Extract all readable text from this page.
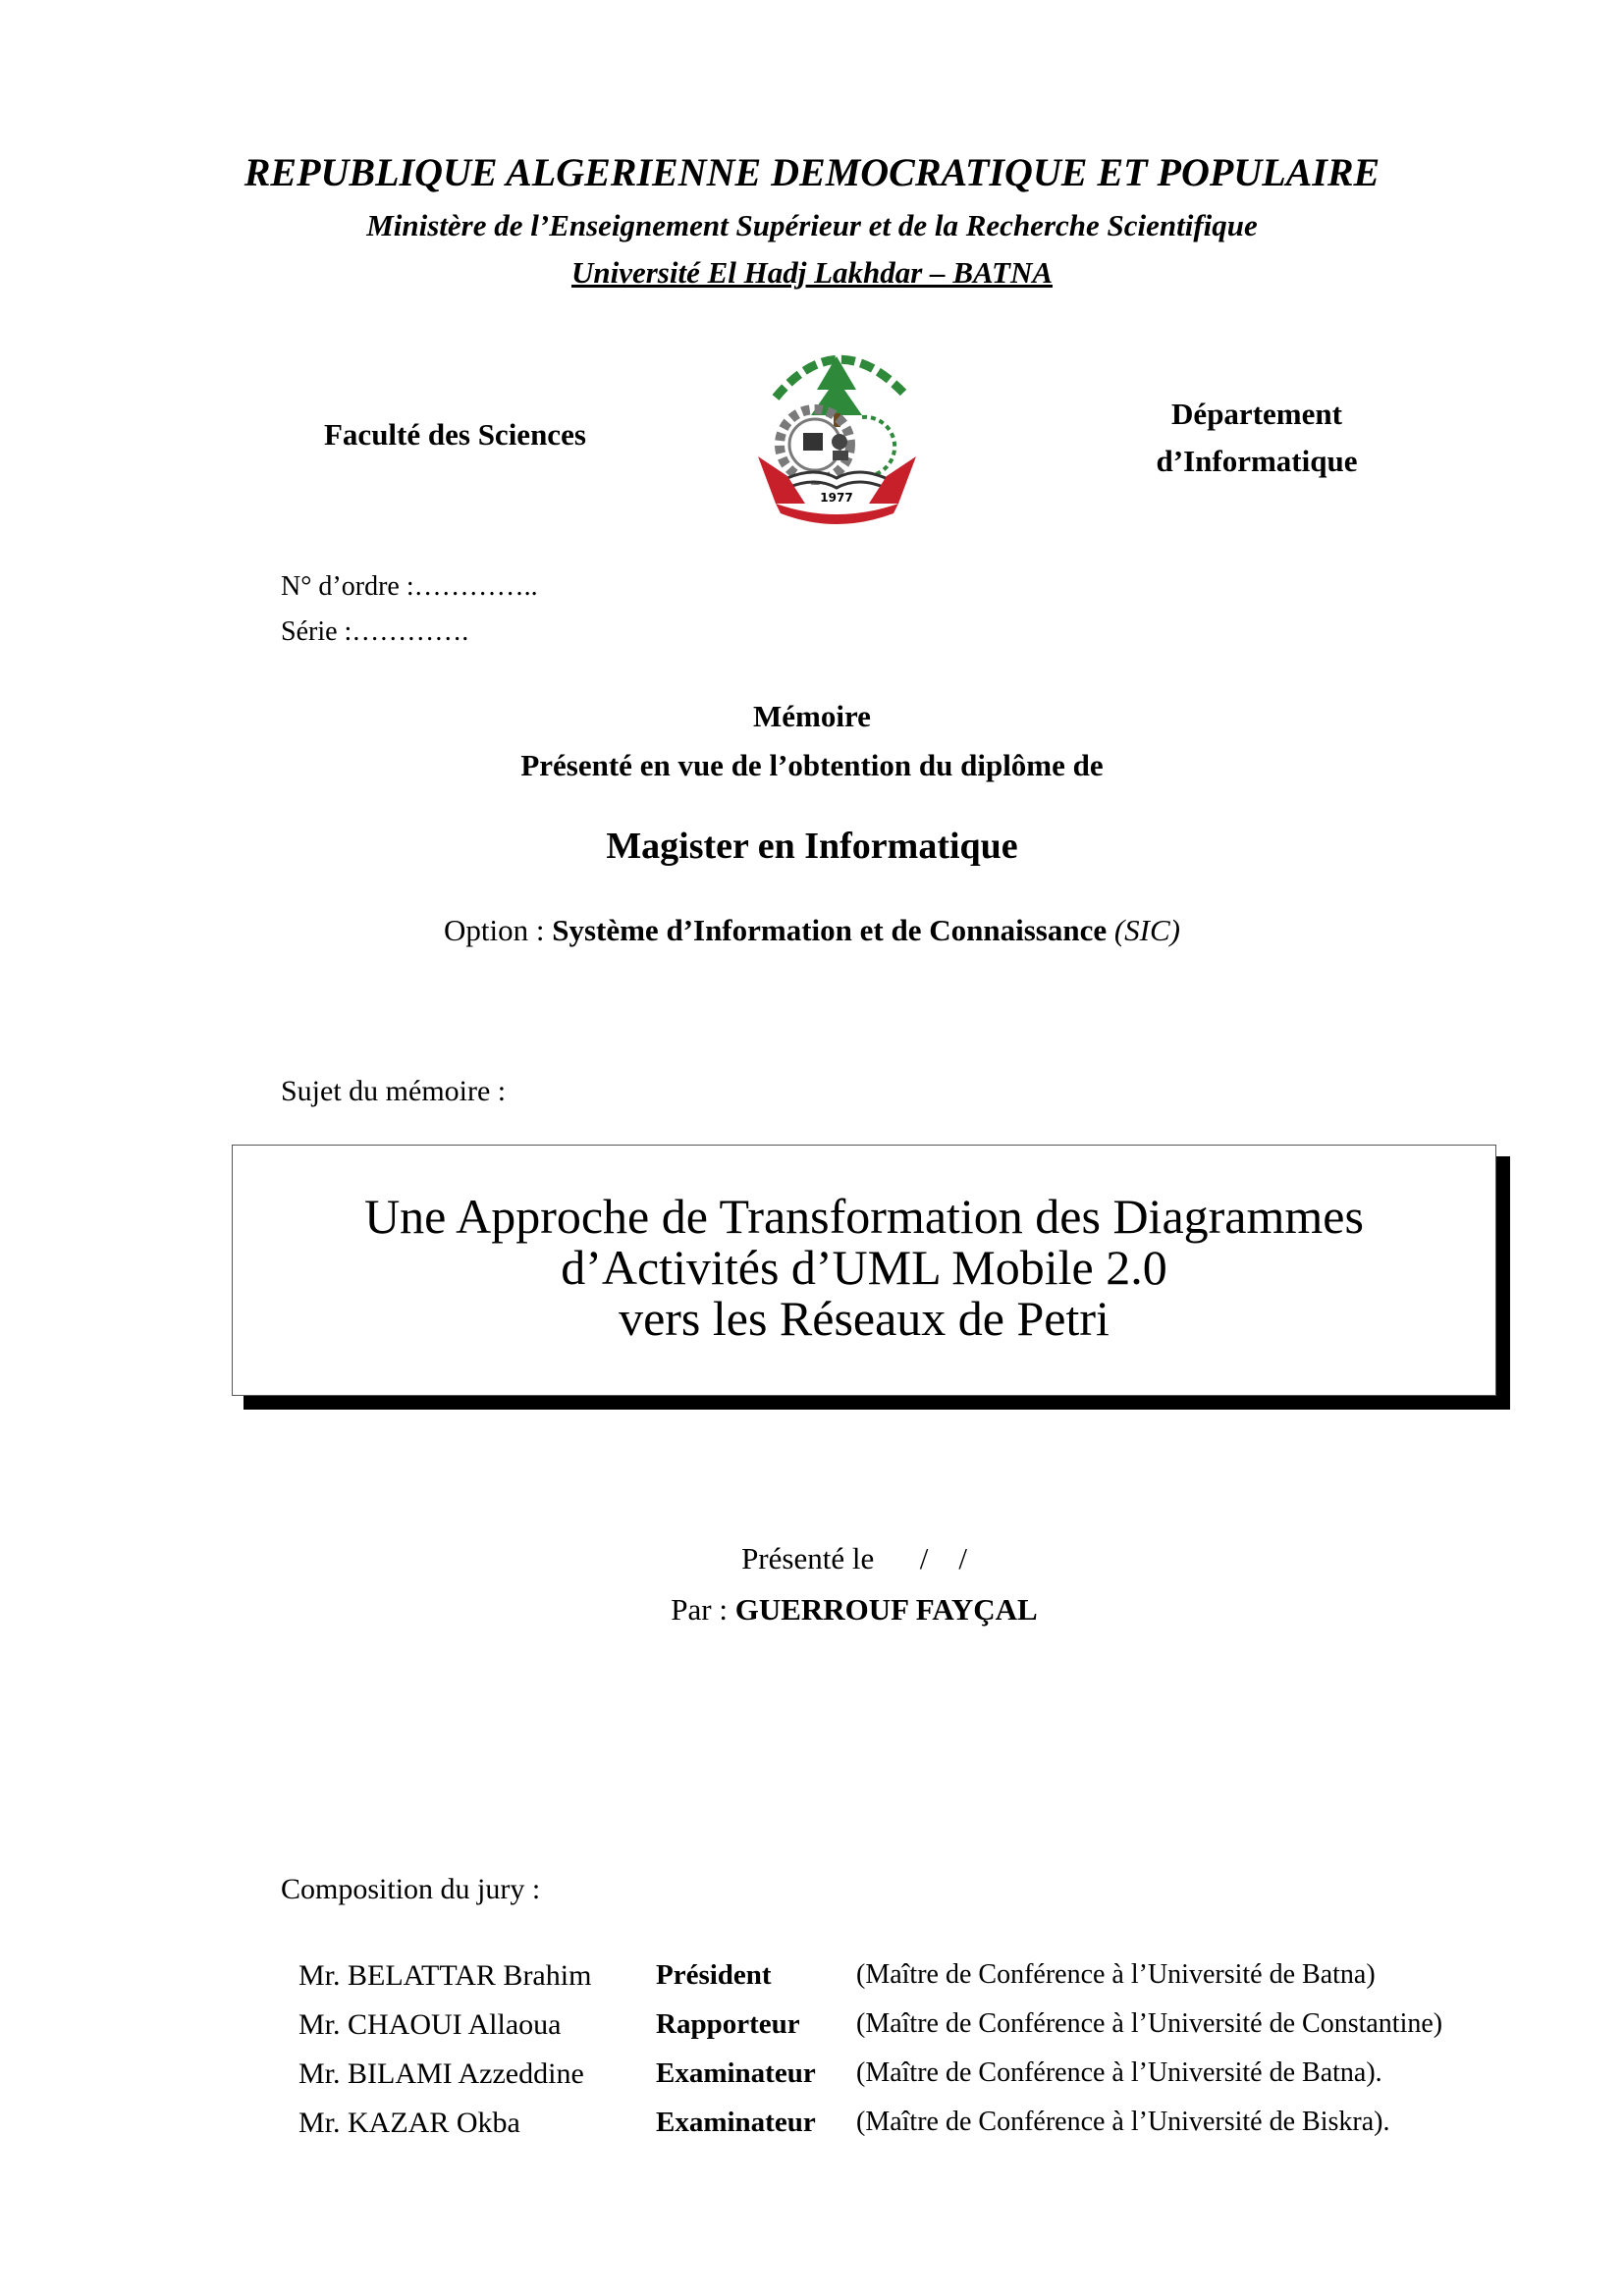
REPUBLIQUE ALGERIENNE DEMOCRATIQUE ET POPULAIRE
Ministère de l’Enseignement Supérieur et de la Recherche Scientifique
Université El Hadj Lakhdar – BATNA
Faculté des Sciences
1977
Département
d’Informatique
N° d’ordre :…………..
Série :………….
Mémoire
Présenté en vue de l’obtention du diplôme de
Magister en Informatique
Option : Système d’Information et de Connaissance (SIC)
Sujet du mémoire :
Une Approche de Transformation des Diagrammes
d’Activités d’UML Mobile 2.0
vers les Réseaux de Petri
Présenté le      /    /
Par : GUERROUF FAYÇAL
Composition du jury :
Mr. BELATTAR Brahim	Président	(Maître de Conférence à l’Université de Batna)
Mr. CHAOUI Allaoua	Rapporteur	(Maître de Conférence à l’Université de Constantine)
Mr. BILAMI Azzeddine	Examinateur	(Maître de Conférence à l’Université de Batna).
Mr. KAZAR Okba	Examinateur	(Maître de Conférence à l’Université de Biskra).
